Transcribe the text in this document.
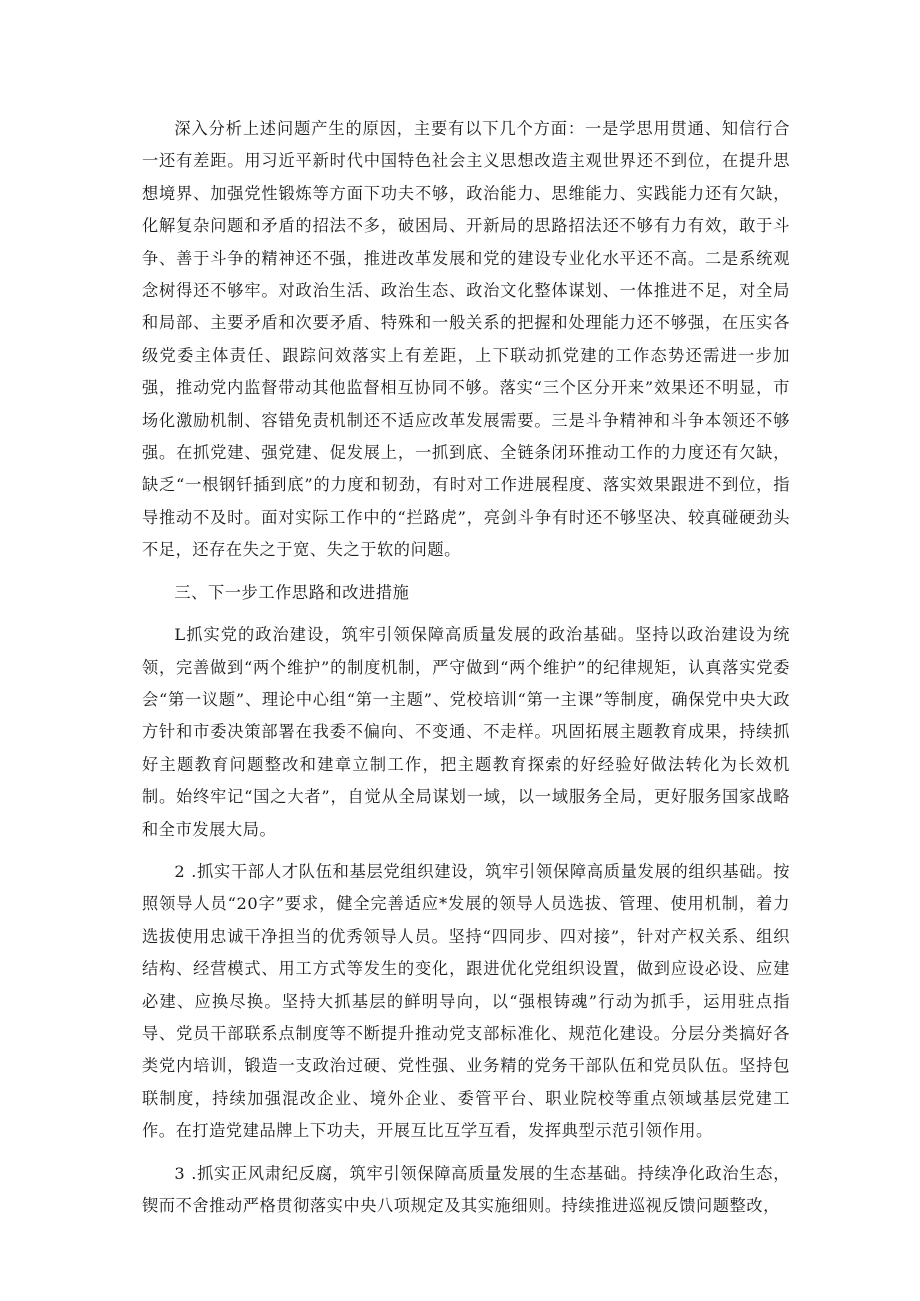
深入分析上述问题产生的原因，主要有以下几个方面：一是学思用贯通、知信行合一还有差距。用习近平新时代中国特色社会主义思想改造主观世界还不到位，在提升思想境界、加强党性锻炼等方面下功夫不够，政治能力、思维能力、实践能力还有欠缺，化解复杂问题和矛盾的招法不多，破困局、开新局的思路招法还不够有力有效，敢于斗争、善于斗争的精神还不强，推进改革发展和党的建设专业化水平还不高。二是系统观念树得还不够牢。对政治生活、政治生态、政治文化整体谋划、一体推进不足，对全局和局部、主要矛盾和次要矛盾、特殊和一般关系的把握和处理能力还不够强，在压实各级党委主体责任、跟踪问效落实上有差距，上下联动抓党建的工作态势还需进一步加强，推动党内监督带动其他监督相互协同不够。落实“三个区分开来”效果还不明显，市场化激励机制、容错免责机制还不适应改革发展需要。三是斗争精神和斗争本领还不够强。在抓党建、强党建、促发展上，一抓到底、全链条闭环推动工作的力度还有欠缺，缺乏“一根钢钎插到底”的力度和韧劲，有时对工作进展程度、落实效果跟进不到位，指导推动不及时。面对实际工作中的“拦路虎”，亮剑斗争有时还不够坚决、较真碰硬劲头不足，还存在失之于宽、失之于软的问题。

三、下一步工作思路和改进措施

L抓实党的政治建设，筑牢引领保障高质量发展的政治基础。坚持以政治建设为统领，完善做到“两个维护”的制度机制，严守做到“两个维护”的纪律规矩，认真落实党委会“第一议题”、理论中心组“第一主题”、党校培训“第一主课”等制度，确保党中央大政方针和市委决策部署在我委不偏向、不变通、不走样。巩固拓展主题教育成果，持续抓好主题教育问题整改和建章立制工作，把主题教育探索的好经验好做法转化为长效机制。始终牢记“国之大者”，自觉从全局谋划一域，以一域服务全局，更好服务国家战略和全市发展大局。

2 .抓实干部人才队伍和基层党组织建设，筑牢引领保障高质量发展的组织基础。按照领导人员“20字”要求，健全完善适应*发展的领导人员选拔、管理、使用机制，着力选拔使用忠诚干净担当的优秀领导人员。坚持“四同步、四对接”，针对产权关系、组织结构、经营模式、用工方式等发生的变化，跟进优化党组织设置，做到应设必设、应建必建、应换尽换。坚持大抓基层的鲜明导向，以“强根铸魂”行动为抓手，运用驻点指导、党员干部联系点制度等不断提升推动党支部标准化、规范化建设。分层分类搞好各类党内培训，锻造一支政治过硬、党性强、业务精的党务干部队伍和党员队伍。坚持包联制度，持续加强混改企业、境外企业、委管平台、职业院校等重点领域基层党建工作。在打造党建品牌上下功夫，开展互比互学互看，发挥典型示范引领作用。

3 .抓实正风肃纪反腐，筑牢引领保障高质量发展的生态基础。持续净化政治生态，锲而不舍推动严格贯彻落实中央八项规定及其实施细则。持续推进巡视反馈问题整改，
